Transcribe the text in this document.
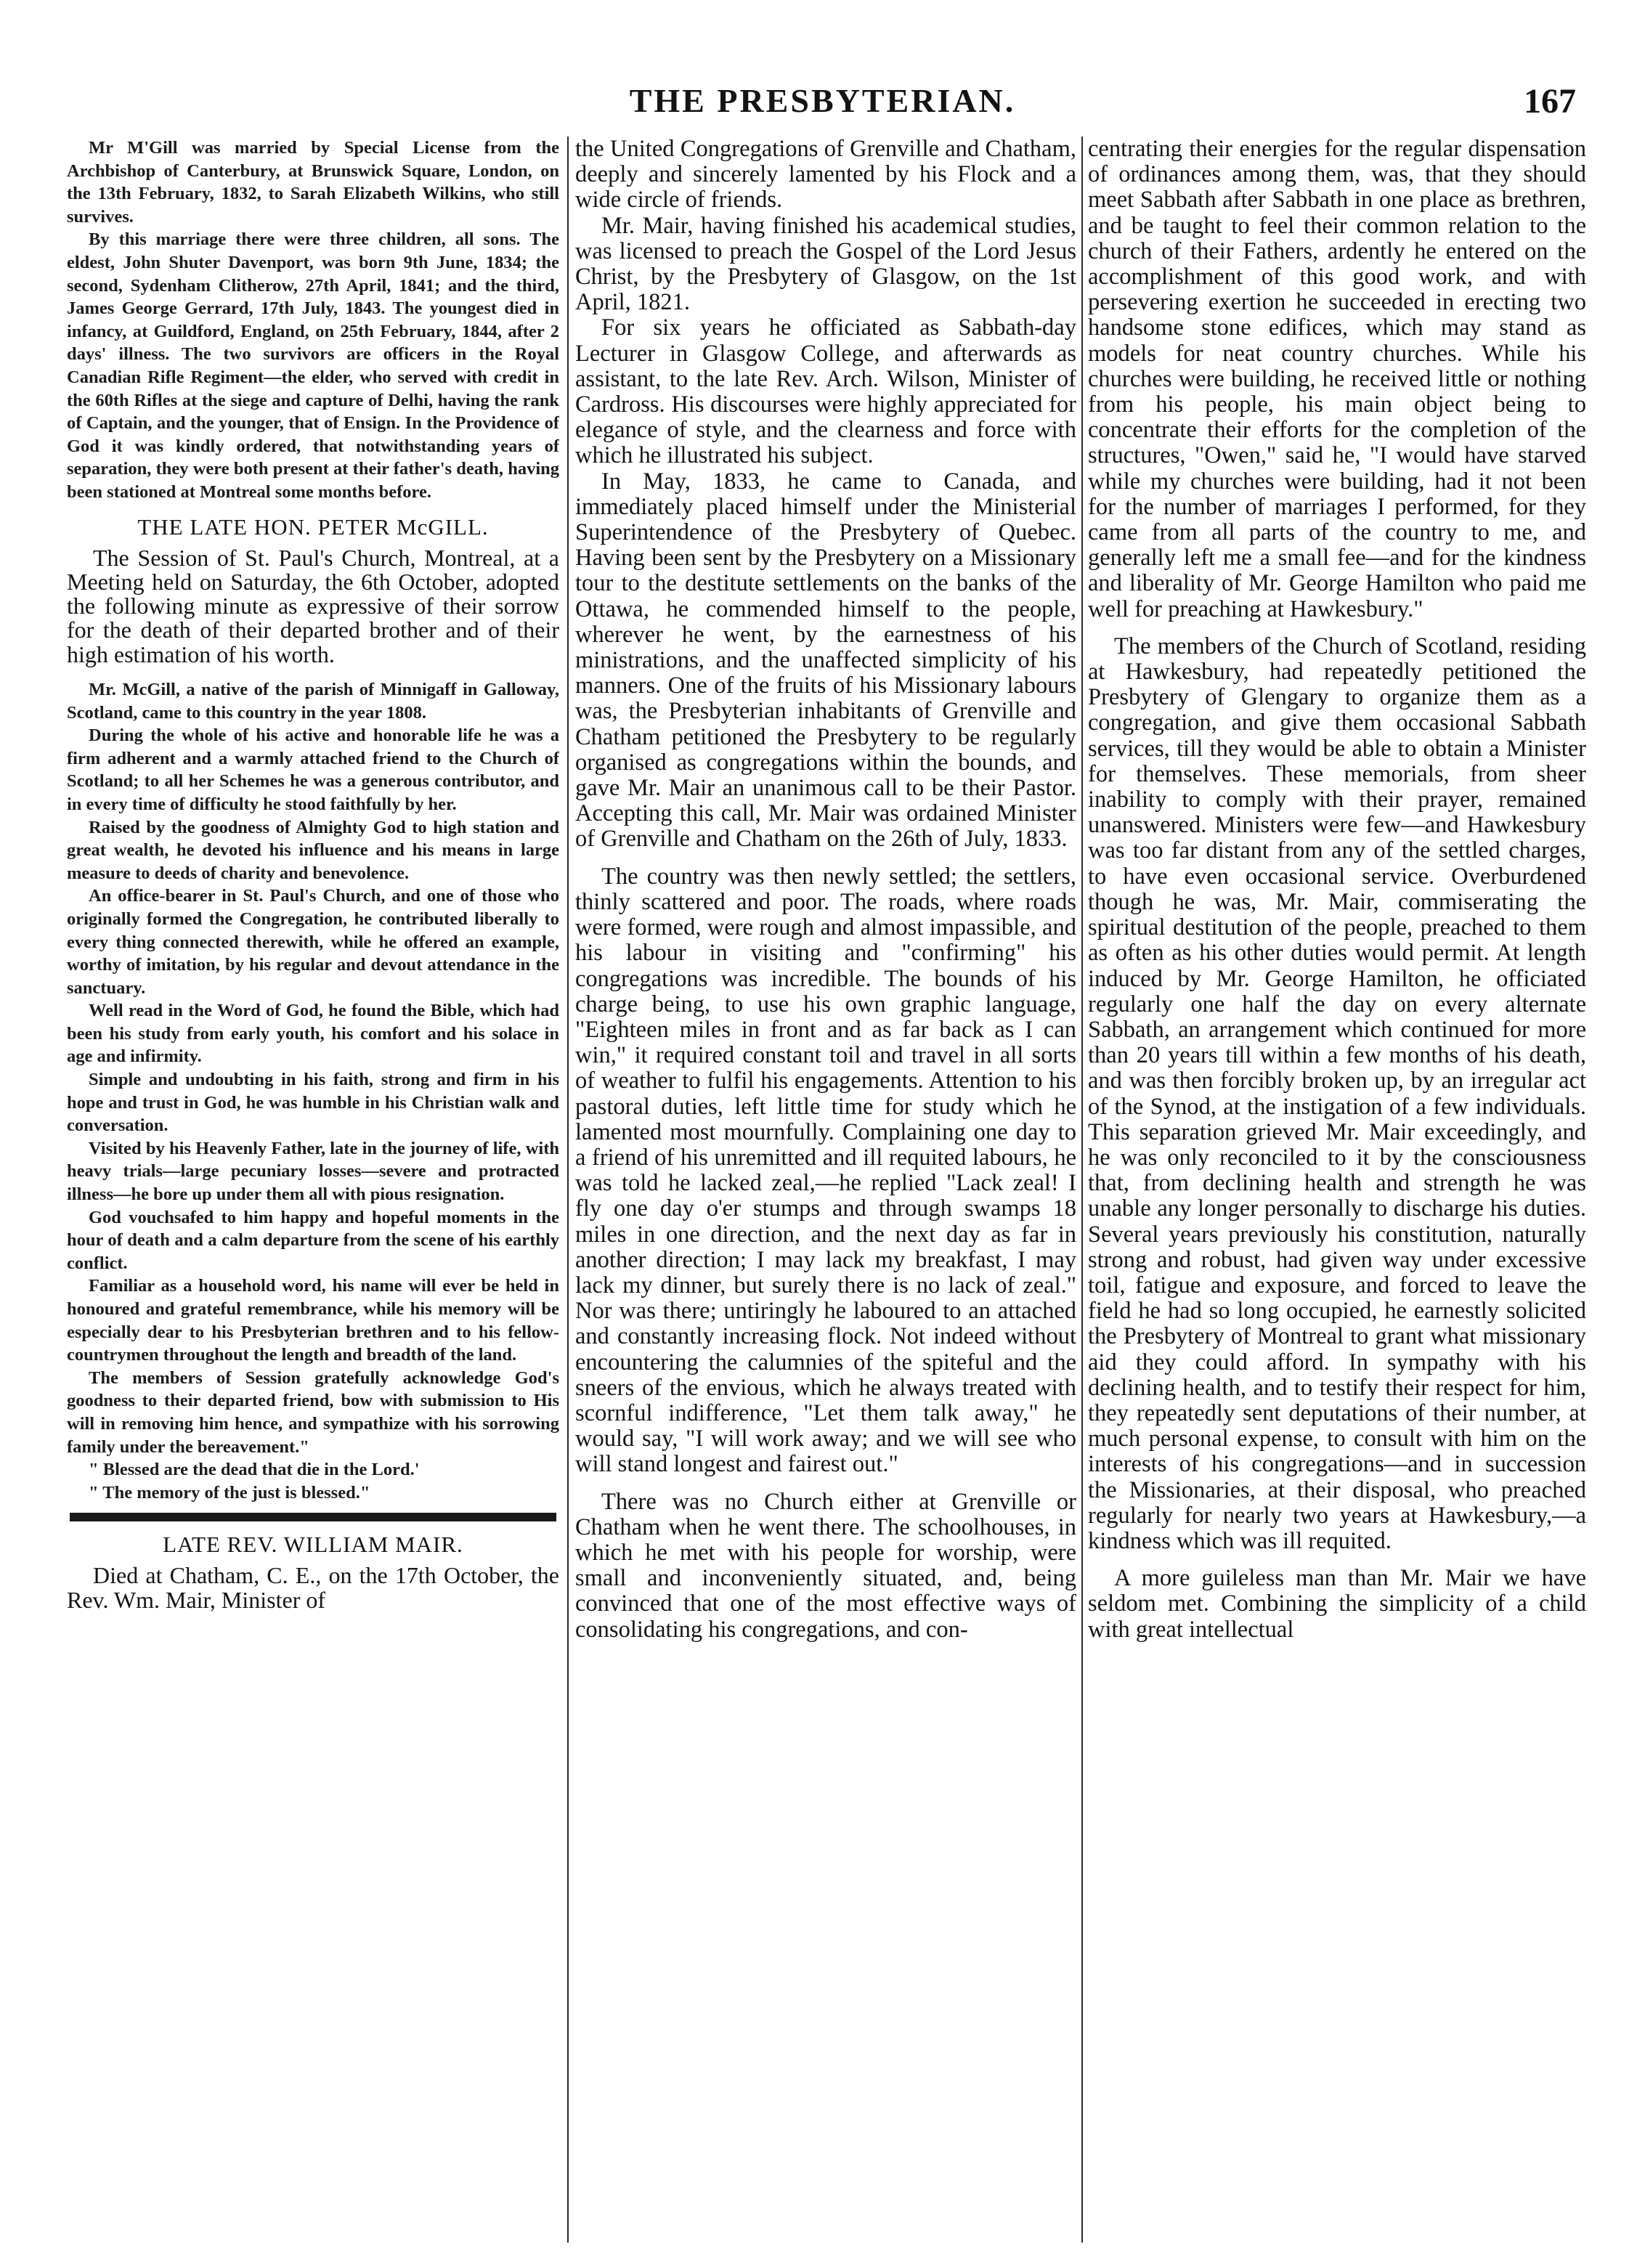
THE PRESBYTERIAN.	167

Mr M'Gill was married by Special License from the Archbishop of Canterbury, at Brunswick Square, London, on the 13th February, 1832, to Sarah Elizabeth Wilkins, who still survives.

By this marriage there were three children, all sons. The eldest, John Shuter Davenport, was born 9th June, 1834; the second, Sydenham Clitherow, 27th April, 1841; and the third, James George Gerrard, 17th July, 1843. The youngest died in infancy, at Guildford, England, on 25th February, 1844, after 2 days' illness. The two survivors are officers in the Royal Canadian Rifle Regiment—the elder, who served with credit in the 60th Rifles at the siege and capture of Delhi, having the rank of Captain, and the younger, that of Ensign. In the Providence of God it was kindly ordered, that notwithstanding years of separation, they were both present at their father's death, having been stationed at Montreal some months before.

THE LATE HON. PETER McGILL.

The Session of St. Paul's Church, Montreal, at a Meeting held on Saturday, the 6th October, adopted the following minute as expressive of their sorrow for the death of their departed brother and of their high estimation of his worth.

Mr. McGill, a native of the parish of Minnigaff in Galloway, Scotland, came to this country in the year 1808.

During the whole of his active and honorable life he was a firm adherent and a warmly attached friend to the Church of Scotland; to all her Schemes he was a generous contributor, and in every time of difficulty he stood faithfully by her.

Raised by the goodness of Almighty God to high station and great wealth, he devoted his influence and his means in large measure to deeds of charity and benevolence.

An office-bearer in St. Paul's Church, and one of those who originally formed the Congregation, he contributed liberally to every thing connected therewith, while he offered an example, worthy of imitation, by his regular and devout attendance in the sanctuary.

Well read in the Word of God, he found the Bible, which had been his study from early youth, his comfort and his solace in age and infirmity.

Simple and undoubting in his faith, strong and firm in his hope and trust in God, he was humble in his Christian walk and conversation.

Visited by his Heavenly Father, late in the journey of life, with heavy trials—large pecuniary losses—severe and protracted illness—he bore up under them all with pious resignation.

God vouchsafed to him happy and hopeful moments in the hour of death and a calm departure from the scene of his earthly conflict.

Familiar as a household word, his name will ever be held in honoured and grateful remembrance, while his memory will be especially dear to his Presbyterian brethren and to his fellow-countrymen throughout the length and breadth of the land.

The members of Session gratefully acknowledge God's goodness to their departed friend, bow with submission to His will in removing him hence, and sympathize with his sorrowing family under the bereavement."

" Blessed are the dead that die in the Lord.'

" The memory of the just is blessed."

LATE REV. WILLIAM MAIR.

Died at Chatham, C. E., on the 17th October, the Rev. Wm. Mair, Minister of

the United Congregations of Grenville and Chatham, deeply and sincerely lamented by his Flock and a wide circle of friends.

Mr. Mair, having finished his academical studies, was licensed to preach the Gospel of the Lord Jesus Christ, by the Presbytery of Glasgow, on the 1st April, 1821.

For six years he officiated as Sabbath-day Lecturer in Glasgow College, and afterwards as assistant, to the late Rev. Arch. Wilson, Minister of Cardross. His discourses were highly appreciated for elegance of style, and the clearness and force with which he illustrated his subject.

In May, 1833, he came to Canada, and immediately placed himself under the Ministerial Superintendence of the Presbytery of Quebec. Having been sent by the Presbytery on a Missionary tour to the destitute settlements on the banks of the Ottawa, he commended himself to the people, wherever he went, by the earnestness of his ministrations, and the unaffected simplicity of his manners. One of the fruits of his Missionary labours was, the Presbyterian inhabitants of Grenville and Chatham petitioned the Presbytery to be regularly organised as congregations within the bounds, and gave Mr. Mair an unanimous call to be their Pastor. Accepting this call, Mr. Mair was ordained Minister of Grenville and Chatham on the 26th of July, 1833.

The country was then newly settled; the settlers, thinly scattered and poor. The roads, where roads were formed, were rough and almost impassible, and his labour in visiting and "confirming" his congregations was incredible. The bounds of his charge being, to use his own graphic language, "Eighteen miles in front and as far back as I can win," it required constant toil and travel in all sorts of weather to fulfil his engagements. Attention to his pastoral duties, left little time for study which he lamented most mournfully. Complaining one day to a friend of his unremitted and ill requited labours, he was told he lacked zeal,—he replied "Lack zeal! I fly one day o'er stumps and through swamps 18 miles in one direction, and the next day as far in another direction; I may lack my breakfast, I may lack my dinner, but surely there is no lack of zeal." Nor was there; untiringly he laboured to an attached and constantly increasing flock. Not indeed without encountering the calumnies of the spiteful and the sneers of the envious, which he always treated with scornful indifference, "Let them talk away," he would say, "I will work away; and we will see who will stand longest and fairest out."

There was no Church either at Grenville or Chatham when he went there. The schoolhouses, in which he met with his people for worship, were small and inconveniently situated, and, being convinced that one of the most effective ways of consolidating his congregations, and con-

centrating their energies for the regular dispensation of ordinances among them, was, that they should meet Sabbath after Sabbath in one place as brethren, and be taught to feel their common relation to the church of their Fathers, ardently he entered on the accomplishment of this good work, and with persevering exertion he succeeded in erecting two handsome stone edifices, which may stand as models for neat country churches. While his churches were building, he received little or nothing from his people, his main object being to concentrate their efforts for the completion of the structures, "Owen," said he, "I would have starved while my churches were building, had it not been for the number of marriages I performed, for they came from all parts of the country to me, and generally left me a small fee—and for the kindness and liberality of Mr. George Hamilton who paid me well for preaching at Hawkesbury."

The members of the Church of Scotland, residing at Hawkesbury, had repeatedly petitioned the Presbytery of Glengary to organize them as a congregation, and give them occasional Sabbath services, till they would be able to obtain a Minister for themselves. These memorials, from sheer inability to comply with their prayer, remained unanswered. Ministers were few—and Hawkesbury was too far distant from any of the settled charges, to have even occasional service. Overburdened though he was, Mr. Mair, commiserating the spiritual destitution of the people, preached to them as often as his other duties would permit. At length induced by Mr. George Hamilton, he officiated regularly one half the day on every alternate Sabbath, an arrangement which continued for more than 20 years till within a few months of his death, and was then forcibly broken up, by an irregular act of the Synod, at the instigation of a few individuals. This separation grieved Mr. Mair exceedingly, and he was only reconciled to it by the consciousness that, from declining health and strength he was unable any longer personally to discharge his duties. Several years previously his constitution, naturally strong and robust, had given way under excessive toil, fatigue and exposure, and forced to leave the field he had so long occupied, he earnestly solicited the Presbytery of Montreal to grant what missionary aid they could afford. In sympathy with his declining health, and to testify their respect for him, they repeatedly sent deputations of their number, at much personal expense, to consult with him on the interests of his congregations—and in succession the Missionaries, at their disposal, who preached regularly for nearly two years at Hawkesbury,—a kindness which was ill requited.

A more guileless man than Mr. Mair we have seldom met. Combining the simplicity of a child with great intellectual
